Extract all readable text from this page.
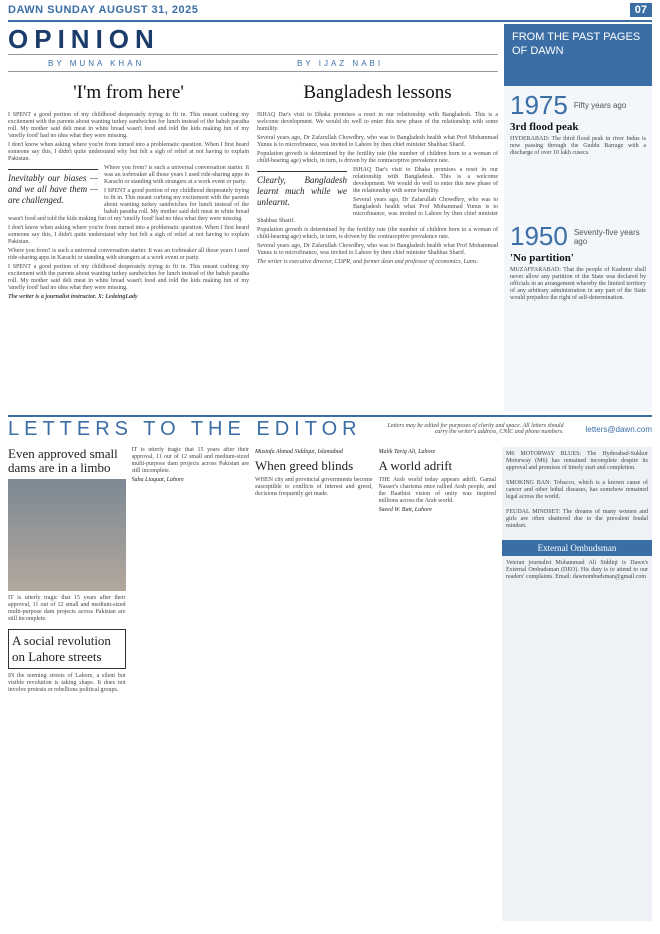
DAWN SUNDAY AUGUST 31, 2025	07
OPINION
BY MUNA KHAN	BY IJAZ NABI
'I'm from here'

I SPENT a good portion of my childhood desperately trying to fit in. This meant curbing my excitement with the parents about wanting turkey sandwiches for lunch instead of the bahsh paratha roll. My mother said deli meat in white bread wasn't food and told the kids making fun of my 'smelly food' had no idea what they were missing.

I don't know when asking where you're from turned into a problematic question. When I first heard someone say this, I didn't quite understand why but felt a sigh of relief at not having to explain Pakistan.

Inevitably our biases — and we all have them — are challenged.

Where you from? is such a universal conversation starter. It was an icebreaker all those years I used ride-sharing apps in Karachi or standing with strangers at a work event or party.

I SPENT a good portion of my childhood desperately trying to fit in. This meant curbing my excitement with the parents about wanting turkey sandwiches for lunch instead of the bahsh paratha roll. My mother said deli meat in white bread wasn't food and told the kids making fun of my 'smelly food' had no idea what they were missing.

I don't know when asking where you're from turned into a problematic question. When I first heard someone say this, I didn't quite understand why but felt a sigh of relief at not having to explain Pakistan.

Where you from? is such a universal conversation starter. It was an icebreaker all those years I used ride-sharing apps in Karachi or standing with strangers at a work event or party.

I SPENT a good portion of my childhood desperately trying to fit in. This meant curbing my excitement with the parents about wanting turkey sandwiches for lunch instead of the bahsh paratha roll. My mother said deli meat in white bread wasn't food and told the kids making fun of my 'smelly food' had no idea what they were missing.

The writer is a journalist instructor. X: LedeingLady

Bangladesh lessons

ISHAQ Dar's visit to Dhaka promises a reset in our relationship with Bangladesh. This is a welcome development. We would do well to enter this new phase of the relationship with some humility.

Several years ago, Dr Zafarullah Chowdhry, who was to Bangladesh health what Prof Mohammad Yunus is to microfinance, was invited to Lahore by then chief minister Shahbaz Sharif.

Population growth is determined by the fertility rate (the number of children born to a woman of child-bearing age) which, in turn, is driven by the contraceptive prevalence rate.

Clearly, Bangladesh learnt much while we unlearnt.

ISHAQ Dar's visit to Dhaka promises a reset in our relationship with Bangladesh. This is a welcome development. We would do well to enter this new phase of the relationship with some humility.

Several years ago, Dr Zafarullah Chowdhry, who was to Bangladesh health what Prof Mohammad Yunus is to microfinance, was invited to Lahore by then chief minister Shahbaz Sharif.

Population growth is determined by the fertility rate (the number of children born to a woman of child-bearing age) which, in turn, is driven by the contraceptive prevalence rate.

Several years ago, Dr Zafarullah Chowdhry, who was to Bangladesh health what Prof Mohammad Yunus is to microfinance, was invited to Lahore by then chief minister Shahbaz Sharif.

The writer is executive director, CDPR, and former dean and professor of economics, Lums.

FROM THE PAST PAGES OF DAWN
1975 Fifty years ago
3rd flood peak
HYDERABAD: The third flood peak in river Indus is now passing through the Guddu Barrage with a discharge of over 10 lakh cusecs.
1950 Seventy-five years ago
'No partition'
MUZAFFARABAD: That the people of Kashmir shall never allow any partition of the State was declared by officials in an arrangement whereby the limited territory of any arbitrary administration in any part of the State would prejudice the right of self-determination.
LETTERS TO THE EDITOR	Letters may be edited for purposes of clarity and space. All letters should carry the writer's address, CNIC and phone numbers.	letters@dawn.com
Even approved small dams are in a limbo
IT is utterly tragic that 15 years after their approval, 11 out of 12 small and medium-sized multi-purpose dam projects across Pakistan are still incomplete.
A social revolution on Lahore streets
IN the teeming streets of Lahore, a silent but visible revolution is taking shape. It does not involve protests or rebellions political groups.
IT is utterly tragic that 15 years after their approval, 11 out of 12 small and medium-sized multi-purpose dam projects across Pakistan are still incomplete.
Saba Liaquat, Lahore
Mustafa Ahmad Siddiqui, Islamabad
When greed blinds
WHEN city and provincial governments become susceptible to conflicts of interest and greed, decisions frequently get made.
Malik Tariq Ali, Lahore
A world adrift
THE Arab world today appears adrift. Gamal Nasser's charisma once rallied Arab people, and the Baathist vision of unity was inspired millions across the Arab world.
Saeed W. Butt, Lahore
M6 MOTORWAY BLUES: The Hyderabad-Sukkur Motorway (M6) has remained incomplete despite its approval and promises of timely start and completion.
SMOKING BAN: Tobacco, which is a known cause of cancer and other lethal diseases, has somehow remained legal across the world.
FEUDAL MINDSET: The dreams of many women and girls are often shattered due to the prevalent feudal mindset.
External Ombudsman
Veteran journalist Muhammad Ali Siddiqi is Dawn's External Ombudsman (DEO). His duty is to attend to our readers' complaints. Email: dawnombudsman@gmail.com
